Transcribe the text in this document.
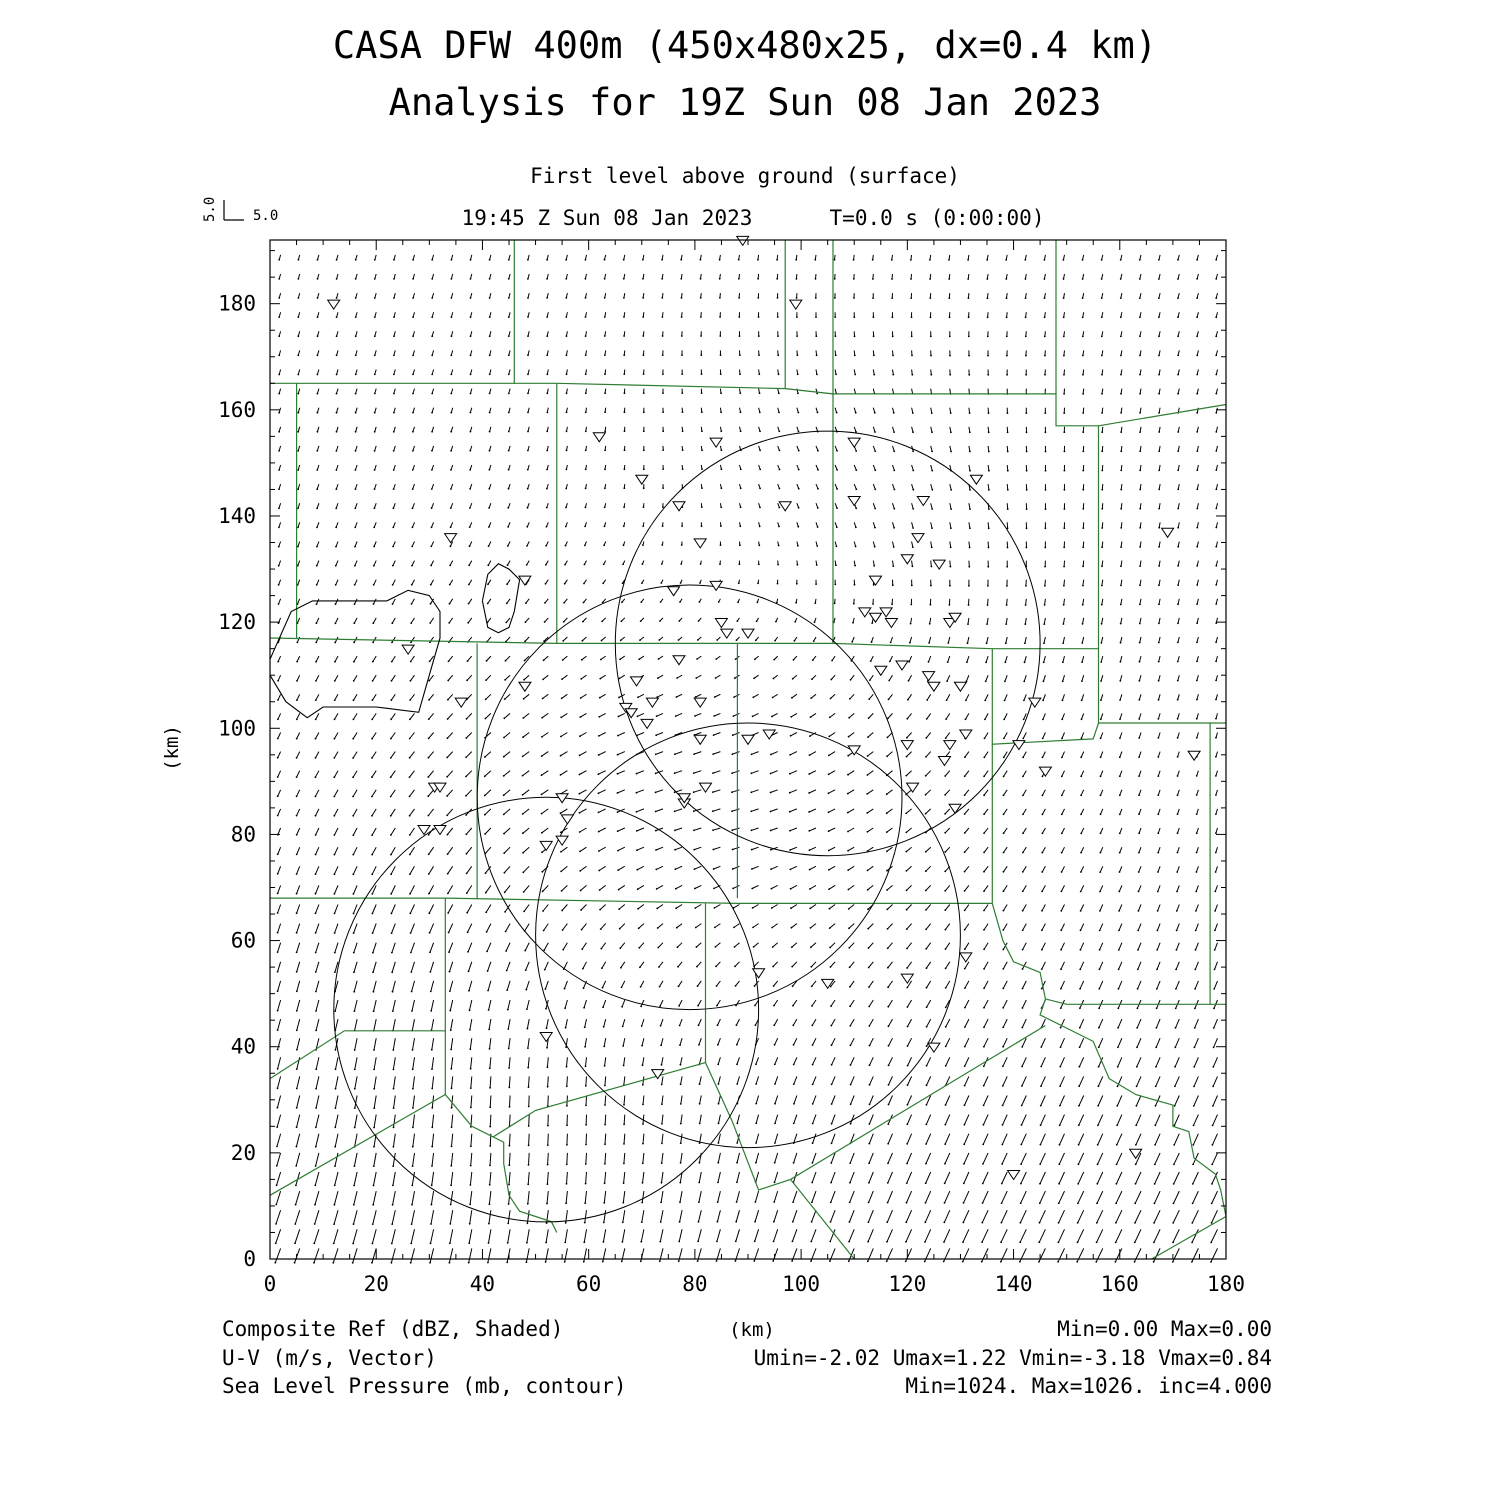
CASA DFW 400m (450x480x25, dx=0.4 km)
Analysis for 19Z Sun 08 Jan 2023
First level above ground (surface)
19:45 Z Sun 08 Jan 2023	T=0.0 s (0:00:00)
5.0	5.0
0	20	40	60	80	100	120	140	160	180
0
20
40
60
80
100
120
140
160
180
(km)
(km)
Composite Ref (dBZ, Shaded)	Min=0.00 Max=0.00
U-V (m/s, Vector)	Umin=-2.02 Umax=1.22 Vmin=-3.18 Vmax=0.84
Sea Level Pressure (mb, contour)	Min=1024. Max=1026. inc=4.000
